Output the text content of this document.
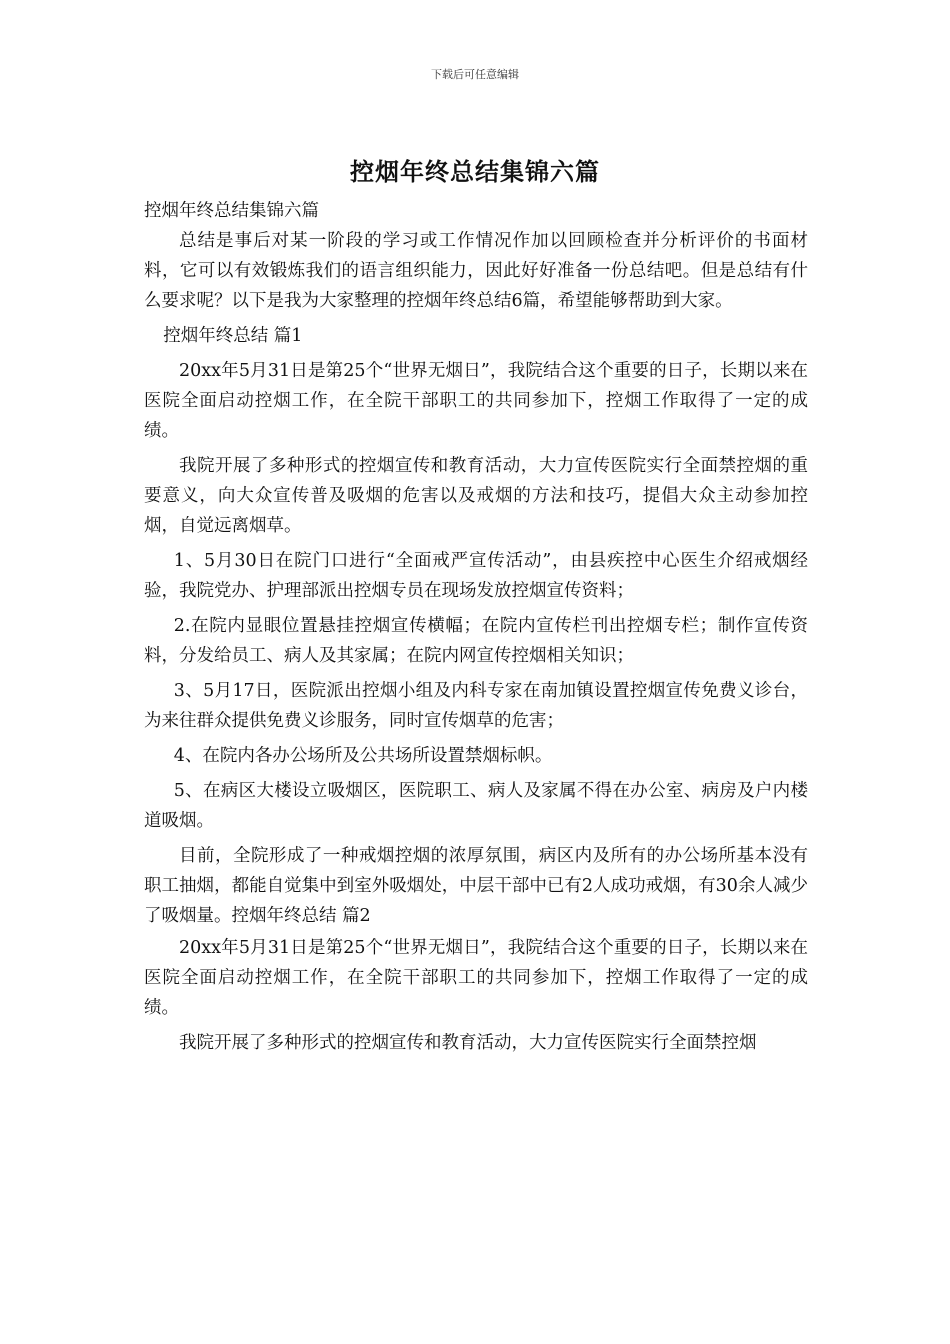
下载后可任意编辑
控烟年终总结集锦六篇

控烟年终总结集锦六篇

总结是事后对某一阶段的学习或工作情况作加以回顾检查并分析评价的书面材料，它可以有效锻炼我们的语言组织能力，因此好好准备一份总结吧。但是总结有什么要求呢？以下是我为大家整理的控烟年终总结6篇，希望能够帮助到大家。

控烟年终总结 篇1

20xx年5月31日是第25个“世界无烟日”，我院结合这个重要的日子，长期以来在医院全面启动控烟工作，在全院干部职工的共同参加下，控烟工作取得了一定的成绩。

我院开展了多种形式的控烟宣传和教育活动，大力宣传医院实行全面禁控烟的重要意义，向大众宣传普及吸烟的危害以及戒烟的方法和技巧，提倡大众主动参加控烟，自觉远离烟草。

1、5月30日在院门口进行“全面戒严宣传活动”，由县疾控中心医生介绍戒烟经验，我院党办、护理部派出控烟专员在现场发放控烟宣传资料；

2.在院内显眼位置悬挂控烟宣传横幅；在院内宣传栏刊出控烟专栏；制作宣传资料，分发给员工、病人及其家属；在院内网宣传控烟相关知识；

3、5月17日，医院派出控烟小组及内科专家在南加镇设置控烟宣传免费义诊台，为来往群众提供免费义诊服务，同时宣传烟草的危害；

4、在院内各办公场所及公共场所设置禁烟标帜。

5、在病区大楼设立吸烟区，医院职工、病人及家属不得在办公室、病房及户内楼道吸烟。

目前，全院形成了一种戒烟控烟的浓厚氛围，病区内及所有的办公场所基本没有职工抽烟，都能自觉集中到室外吸烟处，中层干部中已有2人成功戒烟，有30余人减少了吸烟量。控烟年终总结 篇2

20xx年5月31日是第25个“世界无烟日”，我院结合这个重要的日子，长期以来在医院全面启动控烟工作，在全院干部职工的共同参加下，控烟工作取得了一定的成绩。

我院开展了多种形式的控烟宣传和教育活动，大力宣传医院实行全面禁控烟
